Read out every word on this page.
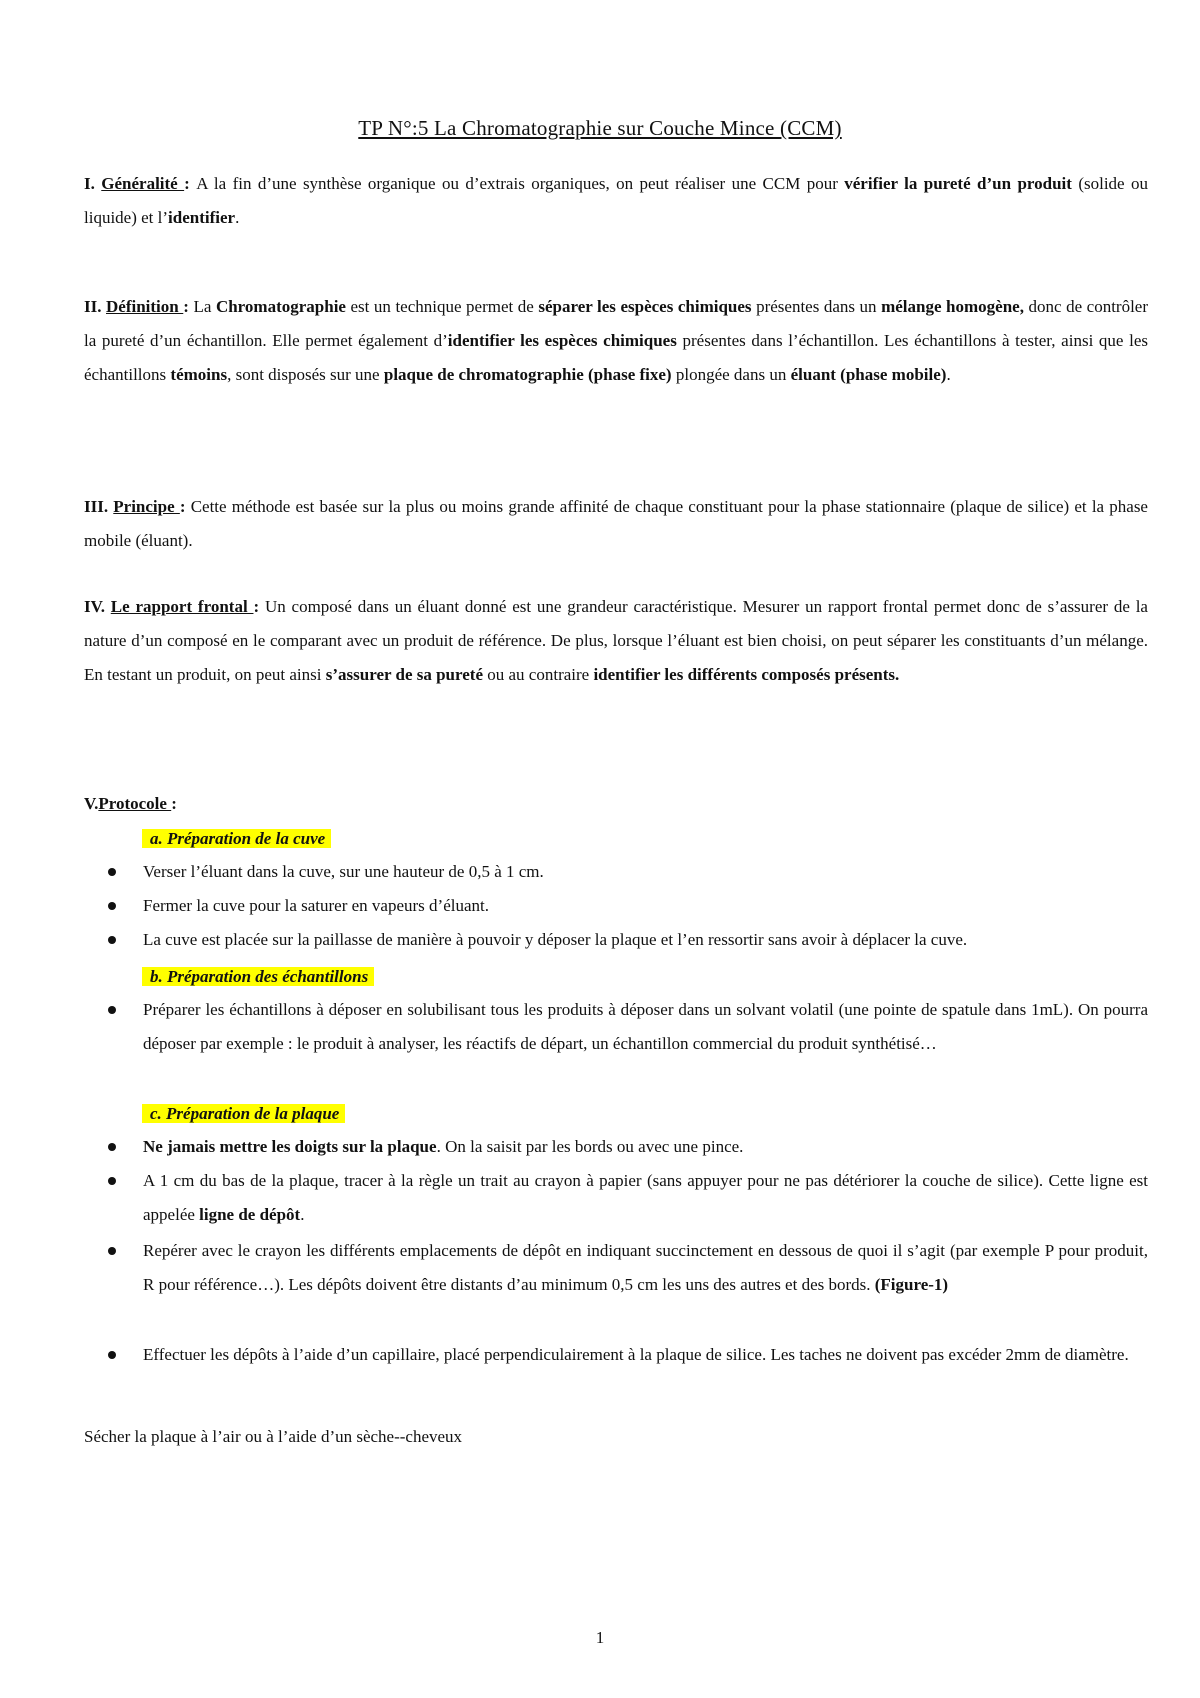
TP N°:5 La Chromatographie sur Couche Mince (CCM)

I. Généralité : A la fin d’une synthèse organique ou d’extrais organiques, on peut réaliser une CCM pour vérifier la pureté d’un produit (solide ou liquide) et l’identifier.

II. Définition : La Chromatographie est un technique permet de séparer les espèces chimiques présentes dans un mélange homogène, donc de contrôler la pureté d’un échantillon. Elle permet également d’identifier les espèces chimiques présentes dans l’échantillon. Les échantillons à tester, ainsi que les échantillons témoins, sont disposés sur une plaque de chromatographie (phase fixe) plongée dans un éluant (phase mobile).

III. Principe : Cette méthode est basée sur la plus ou moins grande affinité de chaque constituant pour la phase stationnaire (plaque de silice) et la phase mobile (éluant).

IV. Le rapport frontal : Un composé dans un éluant donné est une grandeur caractéristique. Mesurer un rapport frontal permet donc de s’assurer de la nature d’un composé en le comparant avec un produit de référence. De plus, lorsque l’éluant est bien choisi, on peut séparer les constituants d’un mélange. En testant un produit, on peut ainsi s’assurer de sa pureté ou au contraire identifier les différents composés présents.

V.Protocole :

a. Préparation de la cuve

Verser l’éluant dans la cuve, sur une hauteur de 0,5 à 1 cm.

Fermer la cuve pour la saturer en vapeurs d’éluant.

La cuve est placée sur la paillasse de manière à pouvoir y déposer la plaque et l’en ressortir sans avoir à déplacer la cuve.

b. Préparation des échantillons

Préparer les échantillons à déposer en solubilisant tous les produits à déposer dans un solvant volatil (une pointe de spatule dans 1mL). On pourra déposer par exemple : le produit à analyser, les réactifs de départ, un échantillon commercial du produit synthétisé…

c. Préparation de la plaque

Ne jamais mettre les doigts sur la plaque. On la saisit par les bords ou avec une pince.

A 1 cm du bas de la plaque, tracer à la règle un trait au crayon à papier (sans appuyer pour ne pas détériorer la couche de silice). Cette ligne est appelée ligne de dépôt.

Repérer avec le crayon les différents emplacements de dépôt en indiquant succinctement en dessous de quoi il s’agit (par exemple P pour produit, R pour référence…). Les dépôts doivent être distants d’au minimum 0,5 cm les uns des autres et des bords. (Figure-1)

Effectuer les dépôts à l’aide d’un capillaire, placé perpendiculairement à la plaque de silice. Les taches ne doivent pas excéder 2mm de diamètre.

Sécher la plaque à l’air ou à l’aide d’un sèche--cheveux
1
